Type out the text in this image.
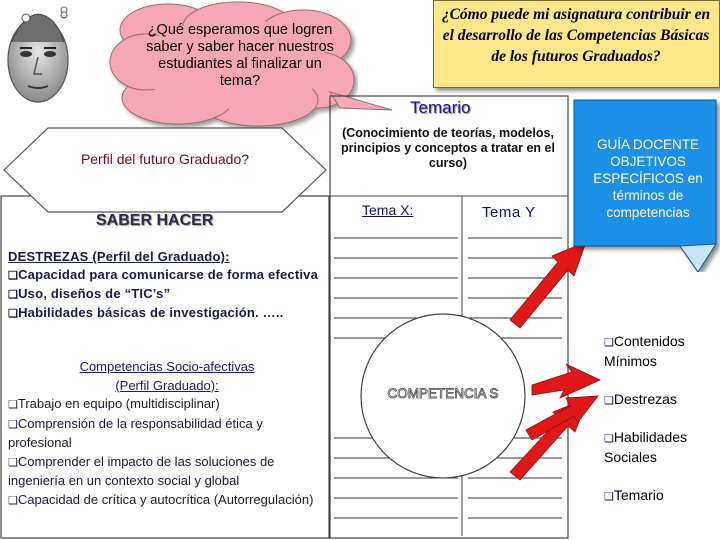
¿Qué esperamos que logren saber y saber hacer nuestros estudiantes al finalizar un tema?
¿Cómo puede mi asignatura contribuir en el desarrollo de las Competencias Básicas de los futuros Graduados?
Temario
(Conocimiento de teorías, modelos, principios y conceptos a tratar en el curso)
Tema X:	Tema Y
COMPETENCIA S
Perfil del futuro Graduado?
SABER HACER
DESTREZAS (Perfil del Graduado):
❑Capacidad para comunicarse de forma efectiva
❑Uso, diseños de “TIC’s”
❑Habilidades básicas de investigación. …..
Competencias Socio-afectivas
(Perfil Graduado):
❑Trabajo en equipo (multidisciplinar)
❑Comprensión de la responsabilidad ética y profesional
❑Comprender el impacto de las soluciones de ingeniería en un contexto social y global
❑Capacidad de crítica y autocrítica (Autorregulación)
GUÍA DOCENTE OBJETIVOS ESPECÍFICOS en términos de competencias
❑Contenidos Mínimos
❑Destrezas
❑Habilidades Sociales
❑Temario
